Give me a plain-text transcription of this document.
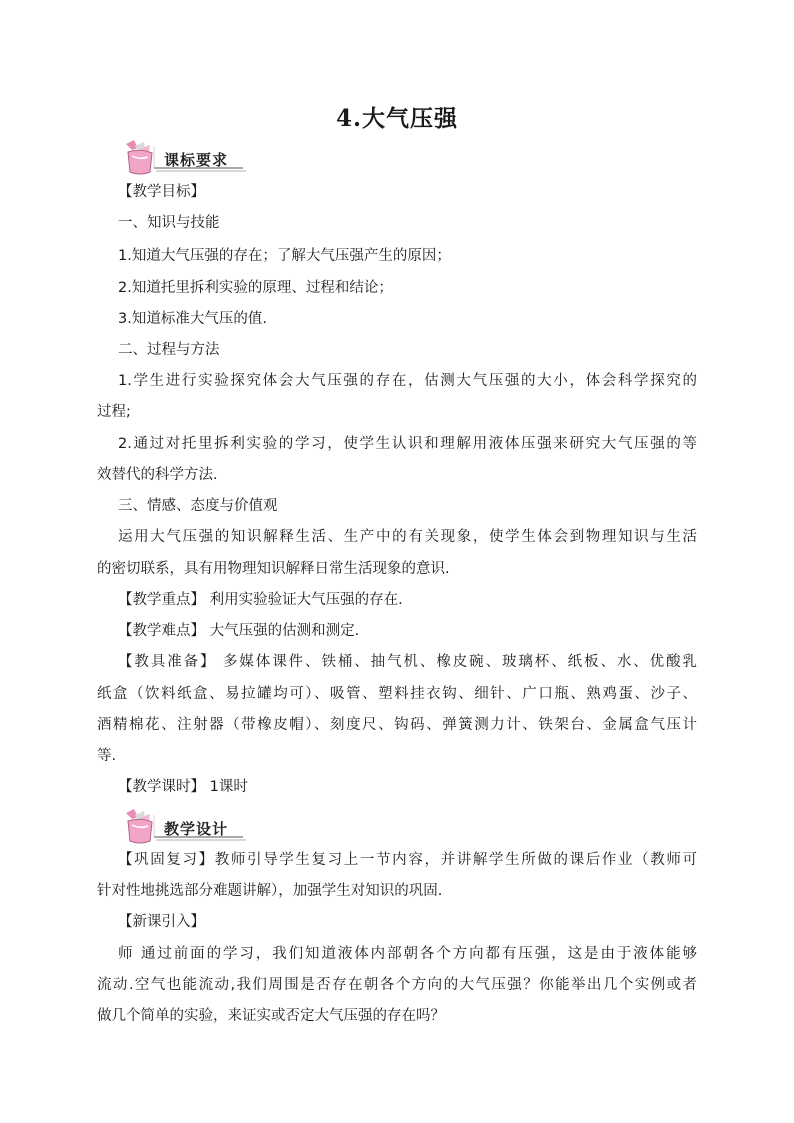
4.大气压强
课标要求
【教学目标】
一、知识与技能
1.知道大气压强的存在；了解大气压强产生的原因；
2.知道托里拆利实验的原理、过程和结论；
3.知道标准大气压的值.
二、过程与方法
1.学生进行实验探究体会大气压强的存在，估测大气压强的大小，体会科学探究的
过程;
2.通过对托里拆利实验的学习，使学生认识和理解用液体压强来研究大气压强的等
效替代的科学方法.
三、情感、态度与价值观
运用大气压强的知识解释生活、生产中的有关现象，使学生体会到物理知识与生活
的密切联系，具有用物理知识解释日常生活现象的意识.
【教学重点】 利用实验验证大气压强的存在.
【教学难点】 大气压强的估测和测定.
【教具准备】 多媒体课件、铁桶、抽气机、橡皮碗、玻璃杯、纸板、水、优酸乳
纸盒（饮料纸盒、易拉罐均可）、吸管、塑料挂衣钩、细针、广口瓶、熟鸡蛋、沙子、
酒精棉花、注射器（带橡皮帽）、刻度尺、钩码、弹簧测力计、铁架台、金属盒气压计
等.
【教学课时】 1课时
教学设计
【巩固复习】教师引导学生复习上一节内容，并讲解学生所做的课后作业（教师可
针对性地挑选部分难题讲解），加强学生对知识的巩固.
【新课引入】
师 通过前面的学习，我们知道液体内部朝各个方向都有压强，这是由于液体能够
流动.空气也能流动,我们周围是否存在朝各个方向的大气压强？你能举出几个实例或者
做几个简单的实验，来证实或否定大气压强的存在吗？
